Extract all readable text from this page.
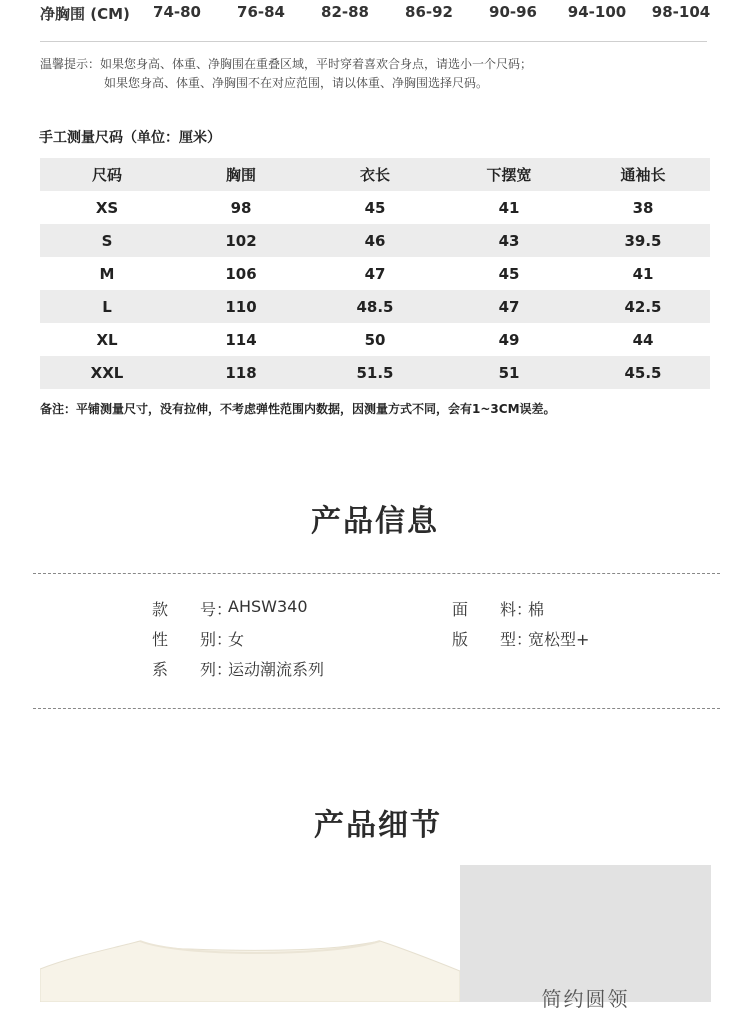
净胸围 (CM) 74-80 76-84 82-88 86-92 90-96 94-100 98-104
温馨提示：如果您身高、体重、净胸围在重叠区域，平时穿着喜欢合身点，请选小一个尺码；
如果您身高、体重、净胸围不在对应范围，请以体重、净胸围选择尺码。
手工测量尺码（单位：厘米）
尺码	胸围	衣长	下摆宽	通袖长
XS	98	45	41	38
S	102	46	43	39.5
M	106	47	45	41
L	110	48.5	47	42.5
XL	114	50	49	44
XXL	118	51.5	51	45.5
备注：平铺测量尺寸，没有拉伸，不考虑弹性范围内数据，因测量方式不同，会有1~3CM误差。
产品信息
款　　号：
AHSW340	面　　料：
棉
性　　别：
女	版　　型：
宽松型+
系　　列：
运动潮流系列
产品细节
简约圆领
